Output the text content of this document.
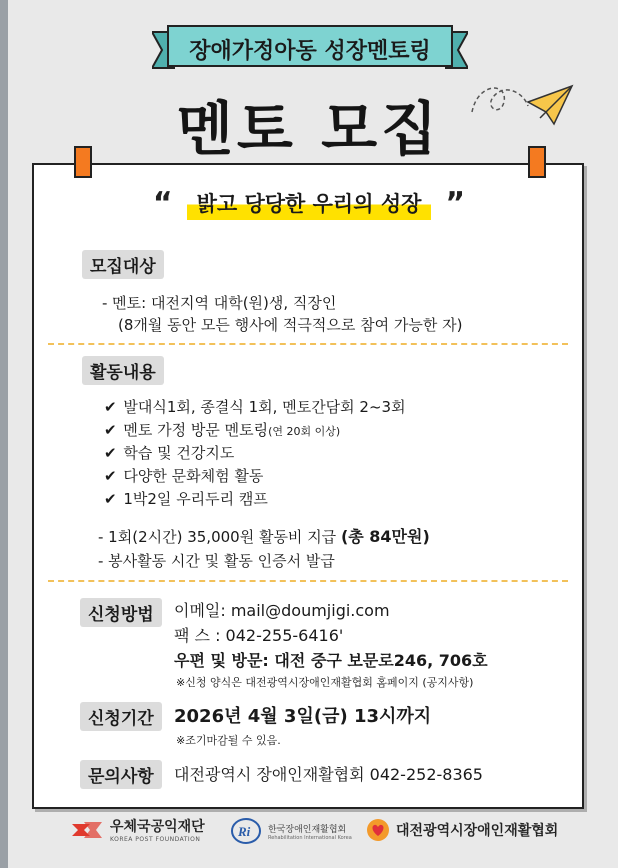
장애가정아동 성장멘토링
멘토 모집
“	밝고 당당한 우리의 성장 ”
모집대상
- 멘토: 대전지역 대학(원)생, 직장인
(8개월 동안 모든 행사에 적극적으로 참여 가능한 자)
활동내용
✔ 발대식1회, 종결식 1회, 멘토간담회 2~3회
✔ 멘토 가정 방문 멘토링(연 20회 이상)
✔ 학습 및 건강지도
✔ 다양한 문화체험 활동
✔ 1박2일 우리두리 캠프
- 1회(2시간) 35,000원 활동비 지급 (총 84만원)
- 봉사활동 시간 및 활동 인증서 발급
신청방법	이메일: mail@doumjigi.com
팩 스 : 042-255-6416'
우편 및 방문: 대전 중구 보문로246, 706호
※신청 양식은 대전광역시장애인재활협회 홈페이지 (공지사항)
신청기간	2026년 4월 3일(금) 13시까지
※조기마감될 수 있음.
문의사항	대전광역시 장애인재활협회 042-252-8365
우체국공익재단
KOREA POST FOUNDATION
Ri 한국장애인재활협회
Rehabilitation International Korea	대전광역시장애인재활협회
